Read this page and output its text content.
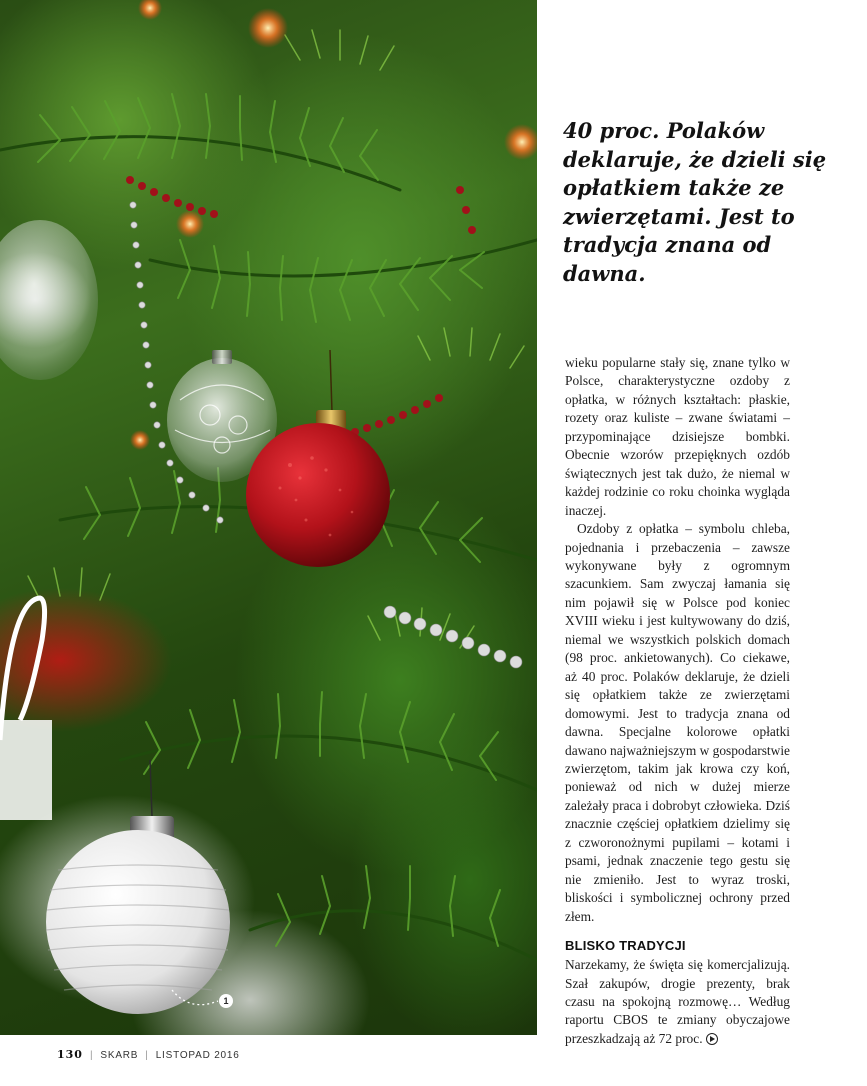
1
40 proc. Polaków deklaruje, że dzieli się opłatkiem także ze zwierzętami. Jest to tradycja znana od dawna.

wieku popularne stały się, znane tylko w Polsce, charakterystyczne ozdoby z opłatka, w różnych kształtach: płaskie, rozety oraz kuliste – zwane światami – przypominające dzisiejsze bombki. Obecnie wzorów przepięknych ozdób świątecznych jest tak dużo, że niemal w każdej rodzinie co roku choinka wygląda inaczej.

Ozdoby z opłatka – symbolu chleba, pojednania i przebaczenia – zawsze wykonywane były z ogromnym szacunkiem. Sam zwyczaj łamania się nim pojawił się w Polsce pod koniec XVIII wieku i jest kultywowany do dziś, niemal we wszystkich polskich domach (98 proc. ankietowanych). Co ciekawe, aż 40 proc. Polaków deklaruje, że dzieli się opłatkiem także ze zwierzętami domowymi. Jest to tradycja znana od dawna. Specjalne kolorowe opłatki dawano najważniejszym w gospodarstwie zwierzętom, takim jak krowa czy koń, ponieważ od nich w dużej mierze zależały praca i dobrobyt człowieka. Dziś znacznie częściej opłatkiem dzielimy się z czworonożnymi pupilami – kotami i psami, jednak znaczenie tego gestu się nie zmieniło. Jest to wyraz troski, bliskości i symbolicznej ochrony przed złem.

BLISKO TRADYCJI

Narzekamy, że święta się komercjalizują. Szał zakupów, drogie prezenty, brak czasu na spokojną rozmowę… Według raportu CBOS te zmiany obyczajowe przeszkadzają aż 72 proc.

130 | SKARB | LISTOPAD 2016
